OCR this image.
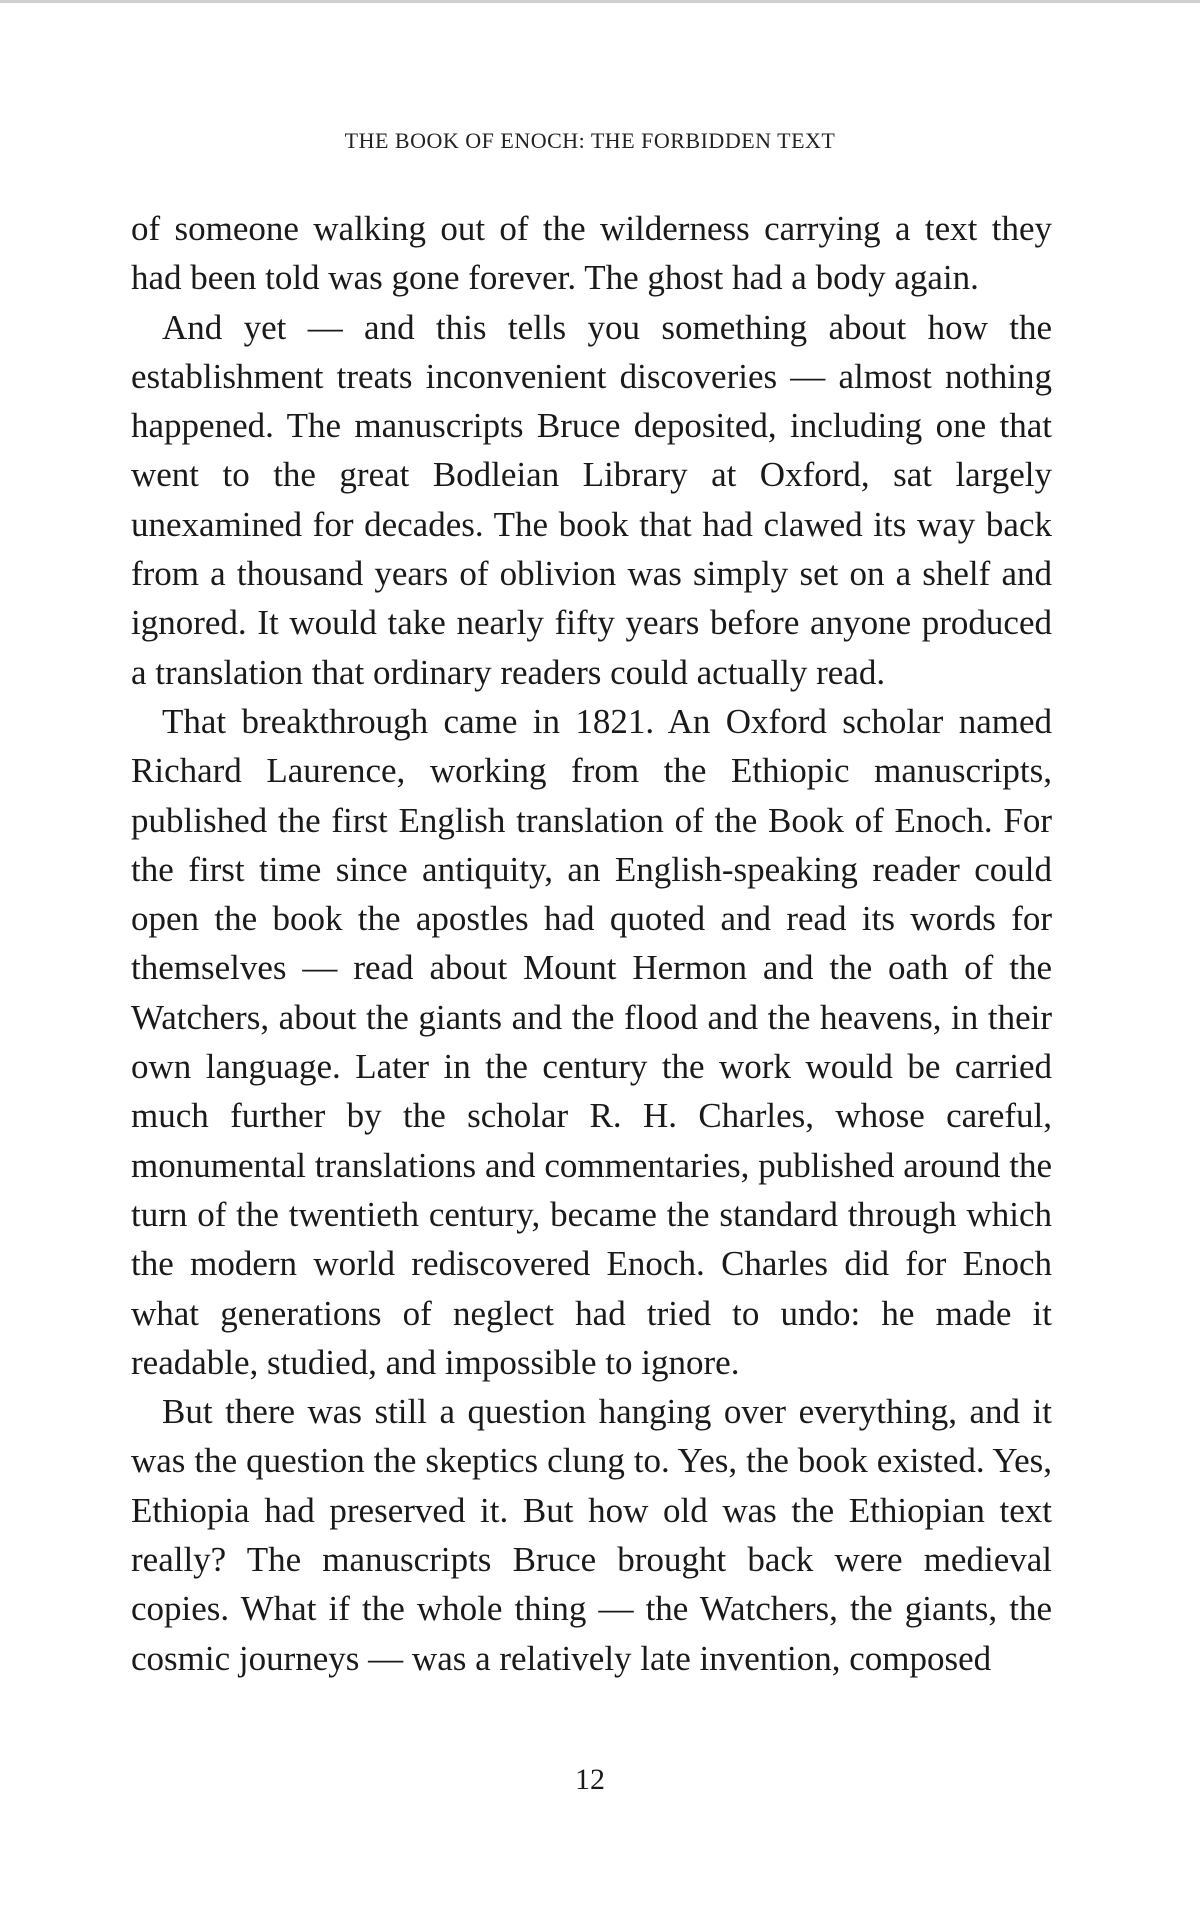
THE BOOK OF ENOCH: THE FORBIDDEN TEXT

of someone walking out of the wilderness carrying a text they had been told was gone forever. The ghost had a body again.

And yet — and this tells you something about how the establishment treats inconvenient discoveries — almost nothing happened. The manuscripts Bruce deposited, including one that went to the great Bodleian Library at Oxford, sat largely unexamined for decades. The book that had clawed its way back from a thousand years of oblivion was simply set on a shelf and ignored. It would take nearly fifty years before anyone produced a translation that ordinary readers could actually read.

That breakthrough came in 1821. An Oxford scholar named Richard Laurence, working from the Ethiopic manuscripts, published the first English translation of the Book of Enoch. For the first time since antiquity, an English-speaking reader could open the book the apostles had quoted and read its words for themselves — read about Mount Hermon and the oath of the Watchers, about the giants and the flood and the heavens, in their own language. Later in the century the work would be carried much further by the scholar R. H. Charles, whose careful, monumental translations and commentaries, published around the turn of the twentieth century, became the standard through which the modern world rediscovered Enoch. Charles did for Enoch what generations of neglect had tried to undo: he made it readable, studied, and impossible to ignore.

But there was still a question hanging over everything, and it was the question the skeptics clung to. Yes, the book existed. Yes, Ethiopia had preserved it. But how old was the Ethiopian text really? The manuscripts Bruce brought back were medieval copies. What if the whole thing — the Watchers, the giants, the cosmic journeys — was a relatively late invention, composed

12
